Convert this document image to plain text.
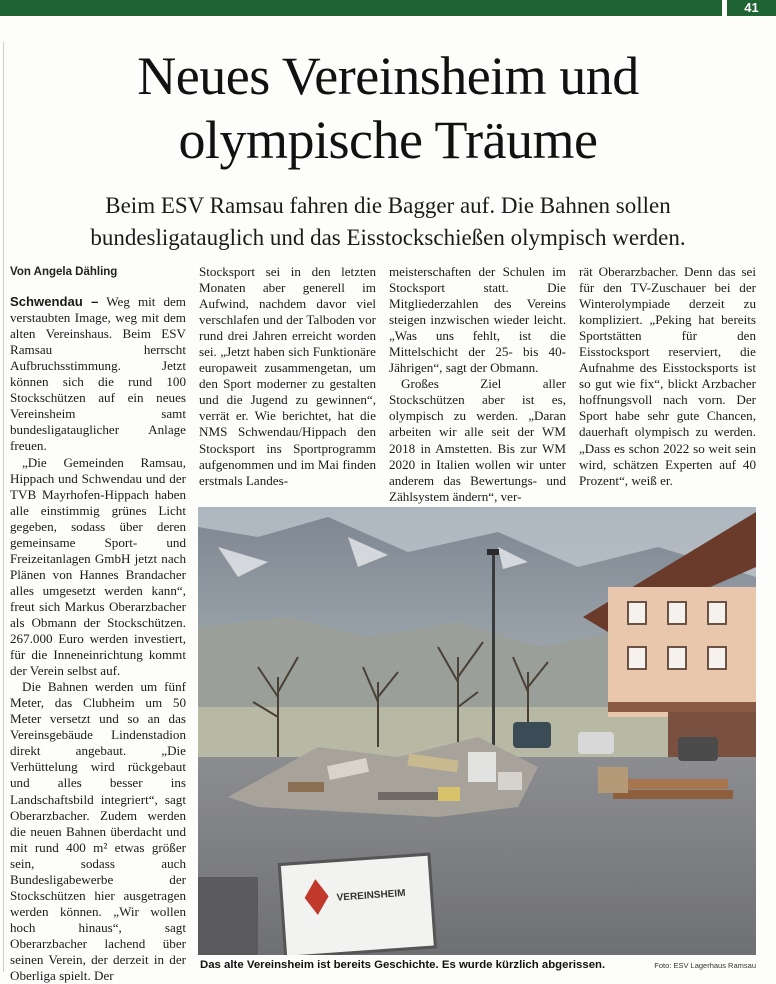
41
Neues Vereinsheim und
olympische Träume

Beim ESV Ramsau fahren die Bagger auf. Die Bahnen sollen
bundesligatauglich und das Eisstockschießen olympisch werden.

Von Angela Dähling

Schwendau – Weg mit dem verstaubten Image, weg mit dem alten Vereinshaus. Beim ESV Ramsau herrscht Aufbruchsstimmung. Jetzt können sich die rund 100 Stockschützen auf ein neues Vereinsheim samt bundesligatauglicher Anlage freuen.

„Die Gemeinden Ramsau, Hippach und Schwendau und der TVB Mayrhofen-Hippach haben alle einstimmig grünes Licht gegeben, sodass über deren gemeinsame Sport- und Freizeitanlagen GmbH jetzt nach Plänen von Hannes Brandacher alles umgesetzt werden kann“, freut sich Markus Oberarzbacher als Obmann der Stockschützen. 267.000 Euro werden investiert, für die Inneneinrichtung kommt der Verein selbst auf.

Die Bahnen werden um fünf Meter, das Clubheim um 50 Meter versetzt und so an das Vereinsgebäude Lindenstadion direkt angebaut. „Die Verhüttelung wird rückgebaut und alles besser ins Landschaftsbild integriert“, sagt Oberarzbacher. Zudem werden die neuen Bahnen überdacht und mit rund 400 m² etwas größer sein, sodass auch Bundesligabewerbe der Stockschützen hier ausgetragen werden können. „Wir wollen hoch hinaus“, sagt Oberarzbacher lachend über seinen Verein, der derzeit in der Oberliga spielt. Der

Stocksport sei in den letzten Monaten aber generell im Aufwind, nachdem davor viel verschlafen und der Talboden vor rund drei Jahren erreicht worden sei. „Jetzt haben sich Funktionäre europaweit zusammengetan, um den Sport moderner zu gestalten und die Jugend zu gewinnen“, verrät er. Wie berichtet, hat die NMS Schwendau/Hippach den Stocksport ins Sportprogramm aufgenommen und im Mai finden erstmals Landes-

meisterschaften der Schulen im Stocksport statt. Die Mitgliederzahlen des Vereins steigen inzwischen wieder leicht. „Was uns fehlt, ist die Mittelschicht der 25- bis 40-Jährigen“, sagt der Obmann.

Großes Ziel aller Stockschützen aber ist es, olympisch zu werden. „Daran arbeiten wir alle seit der WM 2018 in Amstetten. Bis zur WM 2020 in Italien wollen wir unter anderem das Bewertungs- und Zählsystem ändern“, ver-

rät Oberarzbacher. Denn das sei für den TV-Zuschauer bei der Winterolympiade derzeit zu kompliziert. „Peking hat bereits Sportstätten für den Eisstocksport reserviert, die Aufnahme des Eisstocksports ist so gut wie fix“, blickt Arzbacher hoffnungsvoll nach vorn. Der Sport habe sehr gute Chancen, dauerhaft olympisch zu werden. „Dass es schon 2022 so weit sein wird, schätzen Experten auf 40 Prozent“, weiß er.

VEREINSHEIM

Das alte Vereinsheim ist bereits Geschichte. Es wurde kürzlich abgerissen.	Foto: ESV Lagerhaus Ramsau
